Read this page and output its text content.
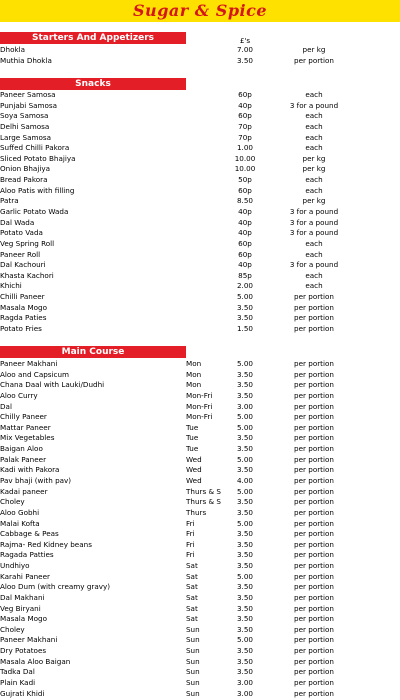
Sugar & Spice
£'s
Starters And Appetizers
Dhokla	7.00	per kg
Muthia Dhokla	3.50	per portion
Snacks
Paneer Samosa	60p	each
Punjabi Samosa	40p	3 for a pound
Soya Samosa	60p	each
Delhi Samosa	70p	each
Large Samosa	70p	each
Suffed Chilli Pakora	1.00	each
Sliced Potato Bhajiya	10.00	per kg
Onion Bhajiya	10.00	per kg
Bread Pakora	50p	each
Aloo Patis with filling	60p	each
Patra	8.50	per kg
Garlic Potato Wada	40p	3 for a pound
Dal Wada	40p	3 for a pound
Potato Vada	40p	3 for a pound
Veg Spring Roll	60p	each
Paneer Roll	60p	each
Dal Kachouri	40p	3 for a pound
Khasta Kachori	85p	each
Khichi	2.00	each
Chilli Paneer	5.00	per portion
Masala Mogo	3.50	per portion
Ragda Paties	3.50	per portion
Potato Fries	1.50	per portion
Main Course
Paneer Makhani	Mon	5.00	per portion
Aloo and Capsicum	Mon	3.50	per portion
Chana Daal with Lauki/Dudhi	Mon	3.50	per portion
Aloo Curry	Mon-Fri	3.50	per portion
Dal	Mon-Fri	3.00	per portion
Chilly Paneer	Mon-Fri	5.00	per portion
Mattar Paneer	Tue	5.00	per portion
Mix Vegetables	Tue	3.50	per portion
Baigan Aloo	Tue	3.50	per portion
Palak Paneer	Wed	5.00	per portion
Kadi with Pakora	Wed	3.50	per portion
Pav bhaji (with pav)	Wed	4.00	per portion
Kadai paneer	Thurs & S	5.00	per portion
Choley	Thurs & S	3.50	per portion
Aloo Gobhi	Thurs	3.50	per portion
Malai Kofta	Fri	5.00	per portion
Cabbage & Peas	Fri	3.50	per portion
Rajma- Red Kidney beans	Fri	3.50	per portion
Ragada Patties	Fri	3.50	per portion
Undhiyo	Sat	3.50	per portion
Karahi Paneer	Sat	5.00	per portion
Aloo Dum (with creamy gravy)	Sat	3.50	per portion
Dal Makhani	Sat	3.50	per portion
Veg Biryani	Sat	3.50	per portion
Masala Mogo	Sat	3.50	per portion
Choley	Sun	3.50	per portion
Paneer Makhani	Sun	5.00	per portion
Dry Potatoes	Sun	3.50	per portion
Masala Aloo Baigan	Sun	3.50	per portion
Tadka Dal	Sun	3.50	per portion
Plain Kadi	Sun	3.00	per portion
Gujrati Khidi	Sun	3.00	per portion
